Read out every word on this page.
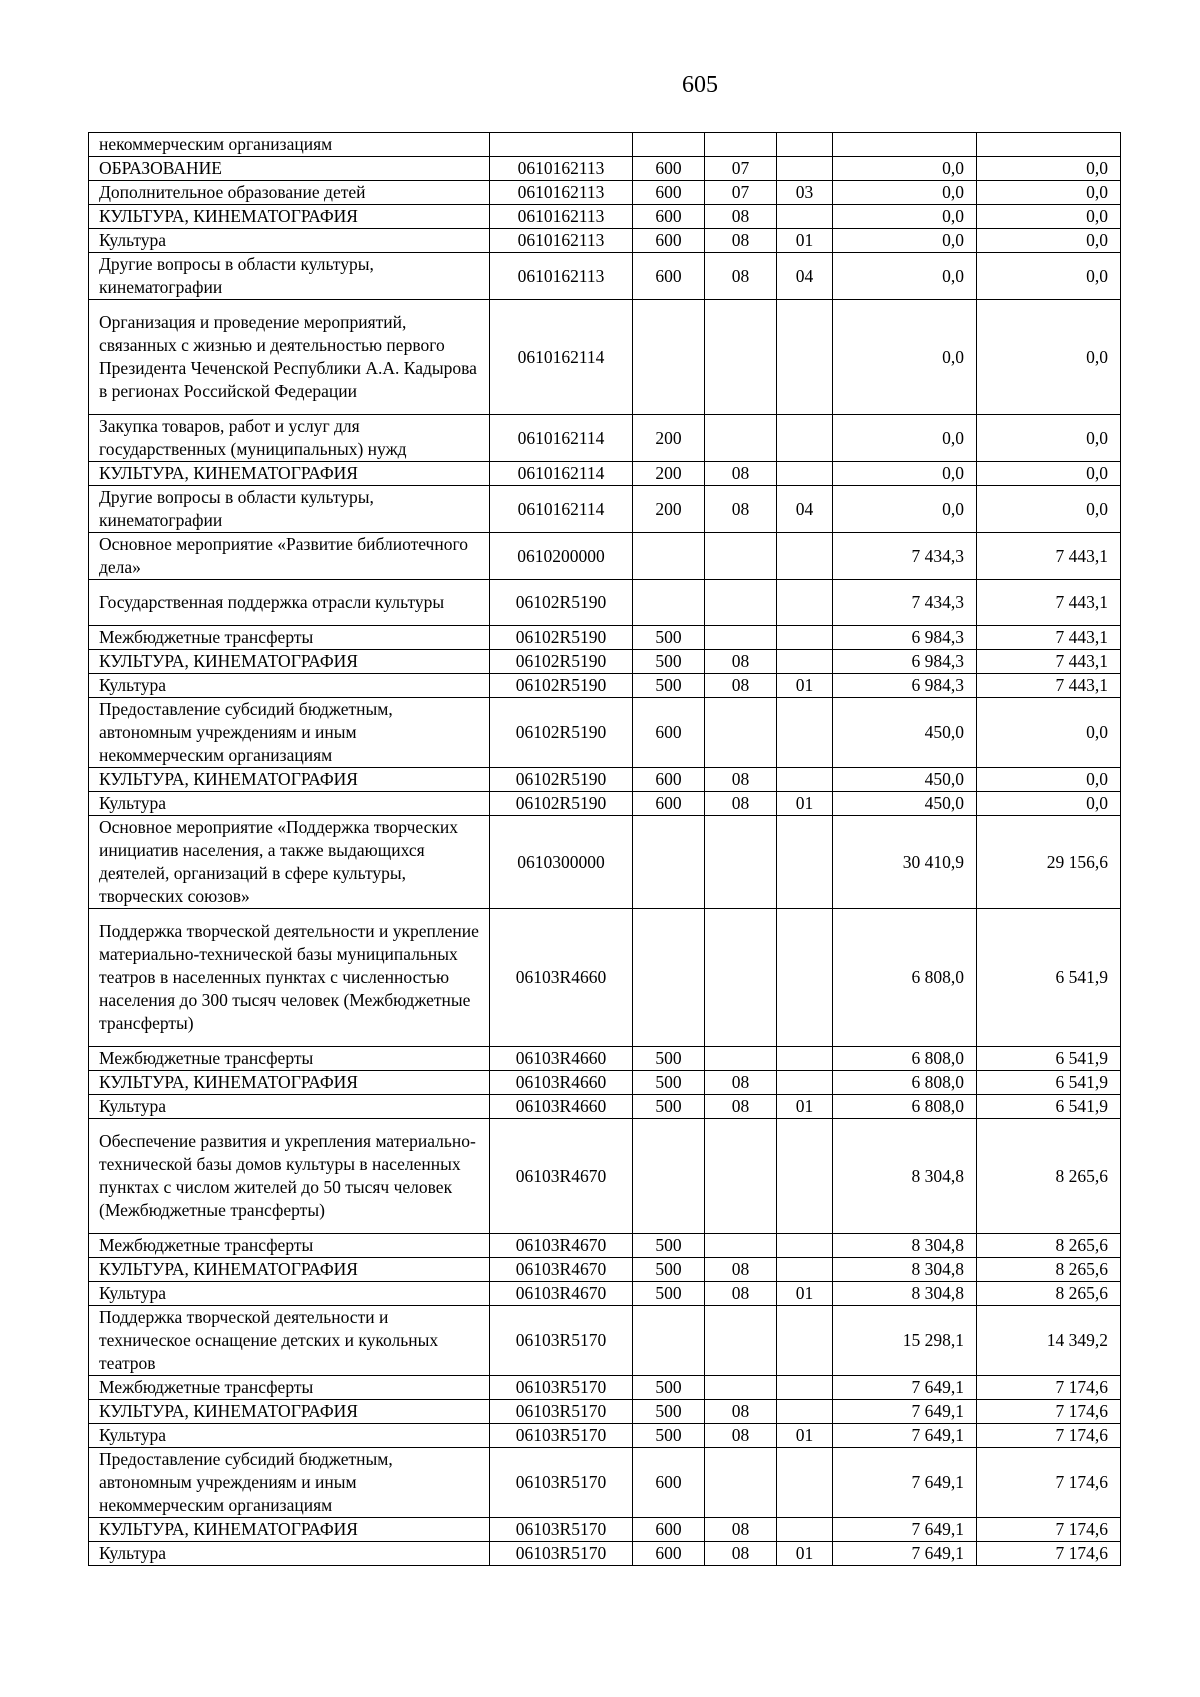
605
некоммерческим организациям						
ОБРАЗОВАНИЕ	0610162113	600	07		0,0	0,0
Дополнительное образование детей	0610162113	600	07	03	0,0	0,0
КУЛЬТУРА, КИНЕМАТОГРАФИЯ	0610162113	600	08		0,0	0,0
Культура	0610162113	600	08	01	0,0	0,0
Другие вопросы в области культуры, кинематографии	0610162113	600	08	04	0,0	0,0
Организация и проведение мероприятий, связанных с жизнью и деятельностью первого Президента Чеченской Республики А.А. Кадырова в регионах Российской Федерации	0610162114				0,0	0,0
Закупка товаров, работ и услуг для государственных (муниципальных) нужд	0610162114	200			0,0	0,0
КУЛЬТУРА, КИНЕМАТОГРАФИЯ	0610162114	200	08		0,0	0,0
Другие вопросы в области культуры, кинематографии	0610162114	200	08	04	0,0	0,0
Основное мероприятие «Развитие библиотечного дела»	0610200000				7 434,3	7 443,1
Государственная поддержка отрасли культуры	06102R5190				7 434,3	7 443,1
Межбюджетные трансферты	06102R5190	500			6 984,3	7 443,1
КУЛЬТУРА, КИНЕМАТОГРАФИЯ	06102R5190	500	08		6 984,3	7 443,1
Культура	06102R5190	500	08	01	6 984,3	7 443,1
Предоставление субсидий бюджетным, автономным учреждениям и иным некоммерческим организациям	06102R5190	600			450,0	0,0
КУЛЬТУРА, КИНЕМАТОГРАФИЯ	06102R5190	600	08		450,0	0,0
Культура	06102R5190	600	08	01	450,0	0,0
Основное мероприятие «Поддержка творческих инициатив населения, а также выдающихся деятелей, организаций в сфере культуры, творческих союзов»	0610300000				30 410,9	29 156,6
Поддержка творческой деятельности и укрепление материально-технической базы муниципальных театров в населенных пунктах с численностью населения до 300 тысяч человек (Межбюджетные трансферты)	06103R4660				6 808,0	6 541,9
Межбюджетные трансферты	06103R4660	500			6 808,0	6 541,9
КУЛЬТУРА, КИНЕМАТОГРАФИЯ	06103R4660	500	08		6 808,0	6 541,9
Культура	06103R4660	500	08	01	6 808,0	6 541,9
Обеспечение развития и укрепления материально-технической базы домов культуры в населенных пунктах с числом жителей до 50 тысяч человек (Межбюджетные трансферты)	06103R4670				8 304,8	8 265,6
Межбюджетные трансферты	06103R4670	500			8 304,8	8 265,6
КУЛЬТУРА, КИНЕМАТОГРАФИЯ	06103R4670	500	08		8 304,8	8 265,6
Культура	06103R4670	500	08	01	8 304,8	8 265,6
Поддержка творческой деятельности и техническое оснащение детских и кукольных театров	06103R5170				15 298,1	14 349,2
Межбюджетные трансферты	06103R5170	500			7 649,1	7 174,6
КУЛЬТУРА, КИНЕМАТОГРАФИЯ	06103R5170	500	08		7 649,1	7 174,6
Культура	06103R5170	500	08	01	7 649,1	7 174,6
Предоставление субсидий бюджетным, автономным учреждениям и иным некоммерческим организациям	06103R5170	600			7 649,1	7 174,6
КУЛЬТУРА, КИНЕМАТОГРАФИЯ	06103R5170	600	08		7 649,1	7 174,6
Культура	06103R5170	600	08	01	7 649,1	7 174,6
